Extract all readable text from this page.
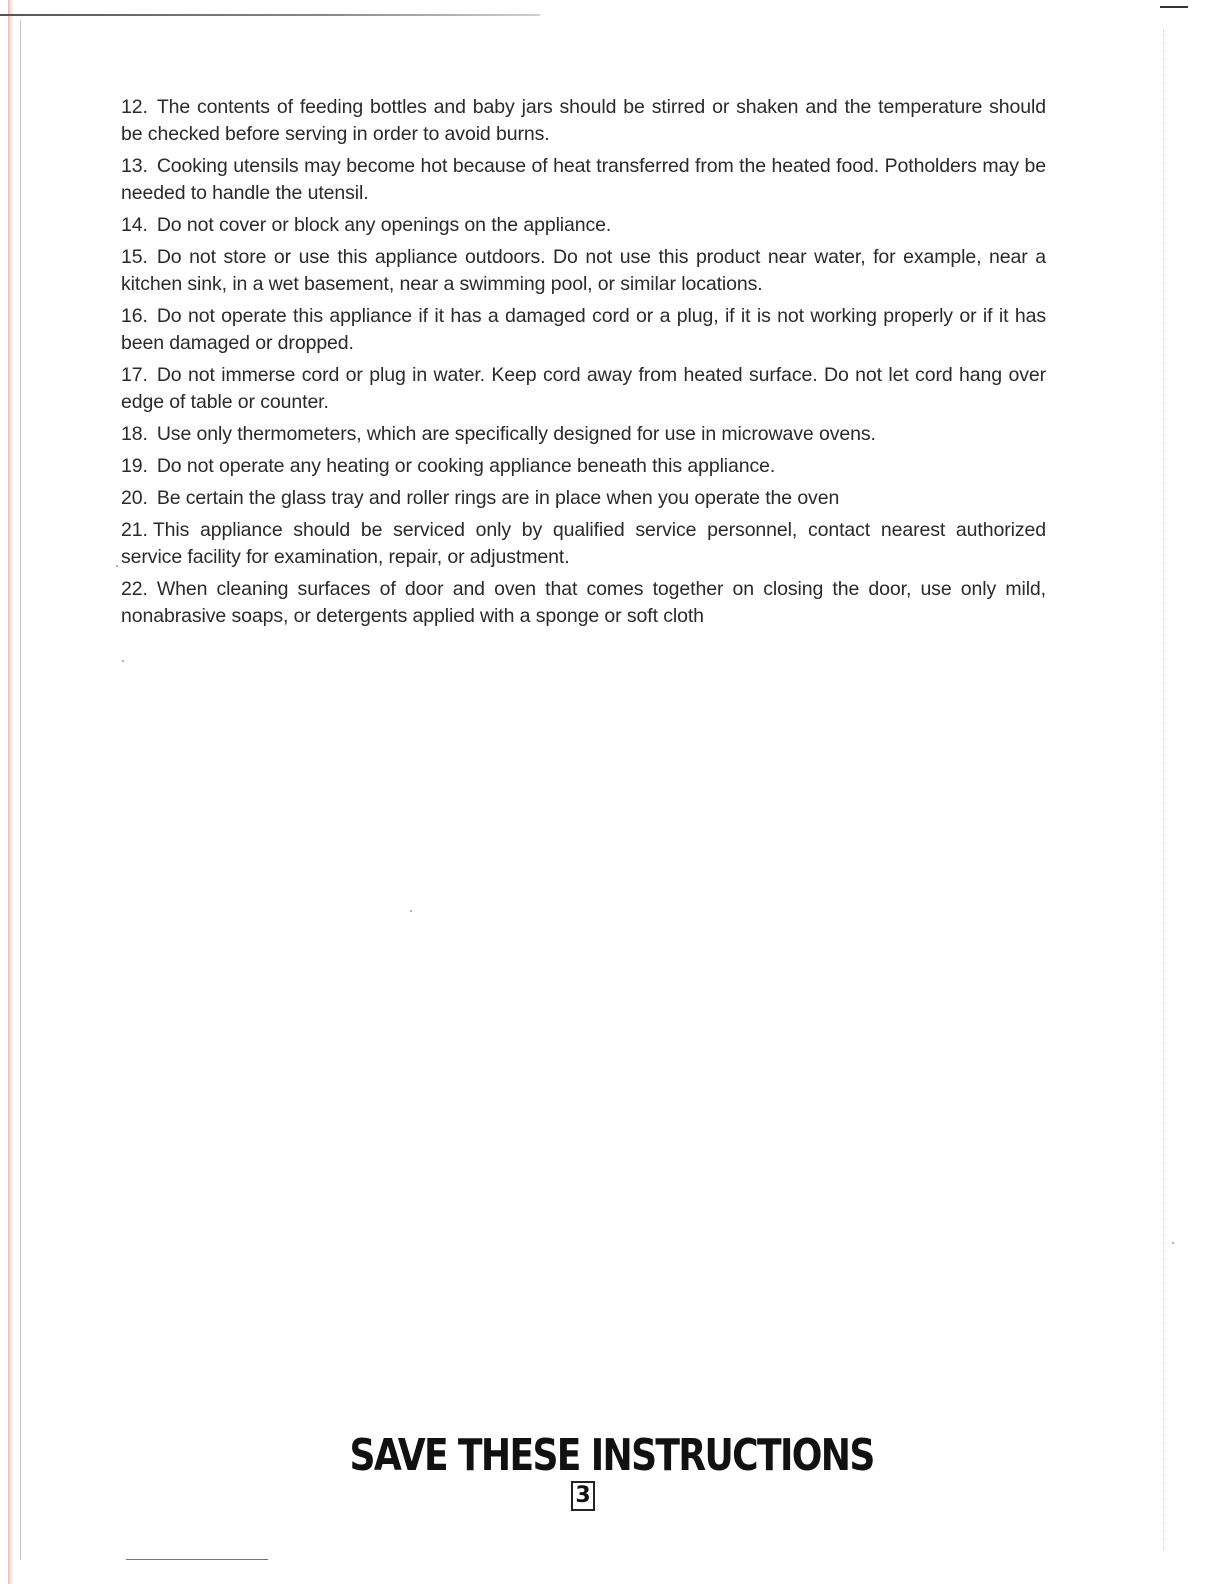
12. The contents of feeding bottles and baby jars should be stirred or shaken and the temperature should be checked before serving in order to avoid burns.

13. Cooking utensils may become hot because of heat transferred from the heated food. Potholders may be needed to handle the utensil.

14. Do not cover or block any openings on the appliance.

15. Do not store or use this appliance outdoors. Do not use this product near water, for example, near a kitchen sink, in a wet basement, near a swimming pool, or similar locations.

16. Do not operate this appliance if it has a damaged cord or a plug, if it is not working properly or if it has been damaged or dropped.

17. Do not immerse cord or plug in water. Keep cord away from heated surface. Do not let cord hang over edge of table or counter.

18. Use only thermometers, which are specifically designed for use in microwave ovens.

19. Do not operate any heating or cooking appliance beneath this appliance.

20. Be certain the glass tray and roller rings are in place when you operate the oven

21. This appliance should be serviced only by qualified service personnel, contact nearest authorized service facility for examination, repair, or adjustment.

22. When cleaning surfaces of door and oven that comes together on closing the door, use only mild, nonabrasive soaps, or detergents applied with a sponge or soft cloth

SAVE THESE INSTRUCTIONS
3
